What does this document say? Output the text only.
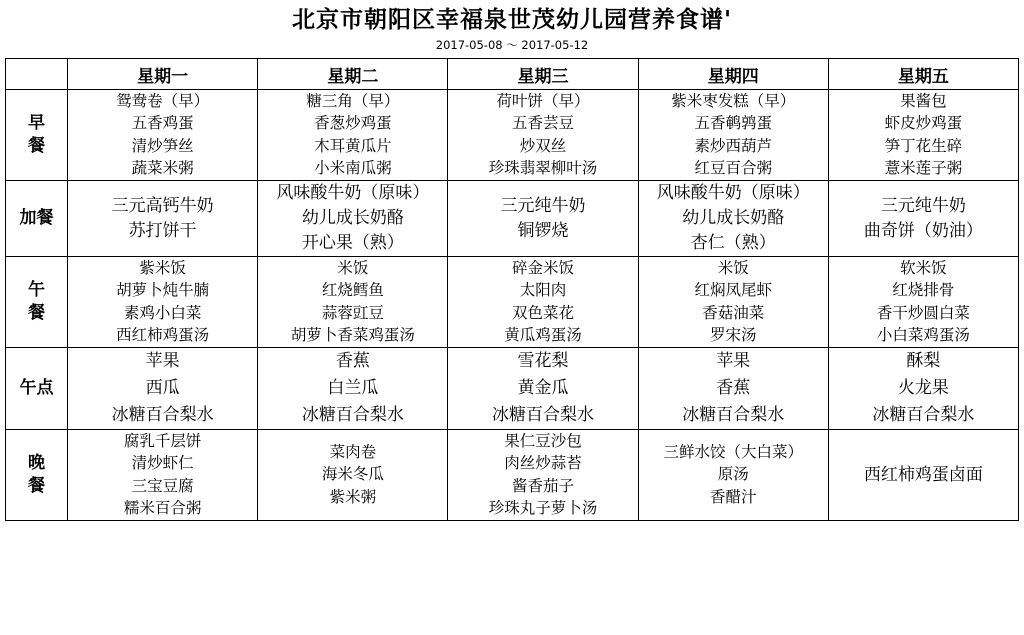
北京市朝阳区幸福泉世茂幼儿园营养食谱'
2017-05-08 ～ 2017-05-12
	星期一	星期二	星期三	星期四	星期五
早
餐	鸳鸯卷（早）
五香鸡蛋
清炒笋丝
蔬菜米粥	糖三角（早）
香葱炒鸡蛋
木耳黄瓜片
小米南瓜粥	荷叶饼（早）
五香芸豆
炒双丝
珍珠翡翠柳叶汤	紫米枣发糕（早）
五香鹌鹑蛋
素炒西葫芦
红豆百合粥	果酱包
虾皮炒鸡蛋
笋丁花生碎
薏米莲子粥

加餐	三元高钙牛奶
苏打饼干	风味酸牛奶（原味）
幼儿成长奶酪
开心果（熟）	三元纯牛奶
铜锣烧	风味酸牛奶（原味）
幼儿成长奶酪
杏仁（熟）	三元纯牛奶
曲奇饼（奶油）

午
餐	紫米饭
胡萝卜炖牛腩
素鸡小白菜
西红柿鸡蛋汤	米饭
红烧鳕鱼
蒜蓉豇豆
胡萝卜香菜鸡蛋汤	碎金米饭
太阳肉
双色菜花
黄瓜鸡蛋汤	米饭
红焖凤尾虾
香菇油菜
罗宋汤	软米饭
红烧排骨
香干炒圆白菜
小白菜鸡蛋汤

午点	苹果
西瓜
冰糖百合梨水	香蕉
白兰瓜
冰糖百合梨水	雪花梨
黄金瓜
冰糖百合梨水	苹果
香蕉
冰糖百合梨水	酥梨
火龙果
冰糖百合梨水

晚
餐	腐乳千层饼
清炒虾仁
三宝豆腐
糯米百合粥	菜肉卷
海米冬瓜
紫米粥	果仁豆沙包
肉丝炒蒜苔
酱香茄子
珍珠丸子萝卜汤	三鲜水饺（大白菜）
原汤
香醋汁	西红柿鸡蛋卤面
